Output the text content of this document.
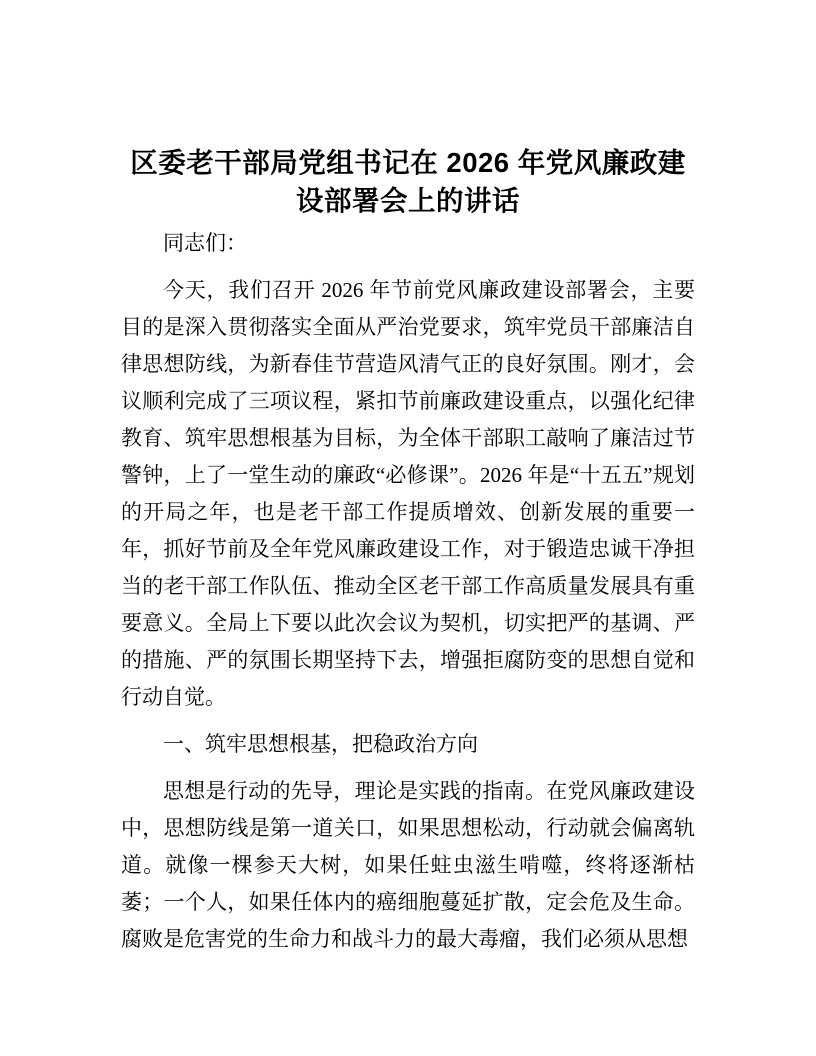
区委老干部局党组书记在 2026 年党风廉政建设部署会上的讲话

同志们：

今天，我们召开 2026 年节前党风廉政建设部署会，主要目的是深入贯彻落实全面从严治党要求，筑牢党员干部廉洁自律思想防线，为新春佳节营造风清气正的良好氛围。刚才，会议顺利完成了三项议程，紧扣节前廉政建设重点，以强化纪律教育、筑牢思想根基为目标，为全体干部职工敲响了廉洁过节警钟，上了一堂生动的廉政“必修课”。2026 年是“十五五”规划的开局之年，也是老干部工作提质增效、创新发展的重要一年，抓好节前及全年党风廉政建设工作，对于锻造忠诚干净担当的老干部工作队伍、推动全区老干部工作高质量发展具有重要意义。全局上下要以此次会议为契机，切实把严的基调、严的措施、严的氛围长期坚持下去，增强拒腐防变的思想自觉和行动自觉。

一、筑牢思想根基，把稳政治方向

思想是行动的先导，理论是实践的指南。在党风廉政建设中，思想防线是第一道关口，如果思想松动，行动就会偏离轨道。就像一棵参天大树，如果任蛀虫滋生啃噬，终将逐渐枯萎；一个人，如果任体内的癌细胞蔓延扩散，定会危及生命。腐败是危害党的生命力和战斗力的最大毒瘤，我们必须从思想
